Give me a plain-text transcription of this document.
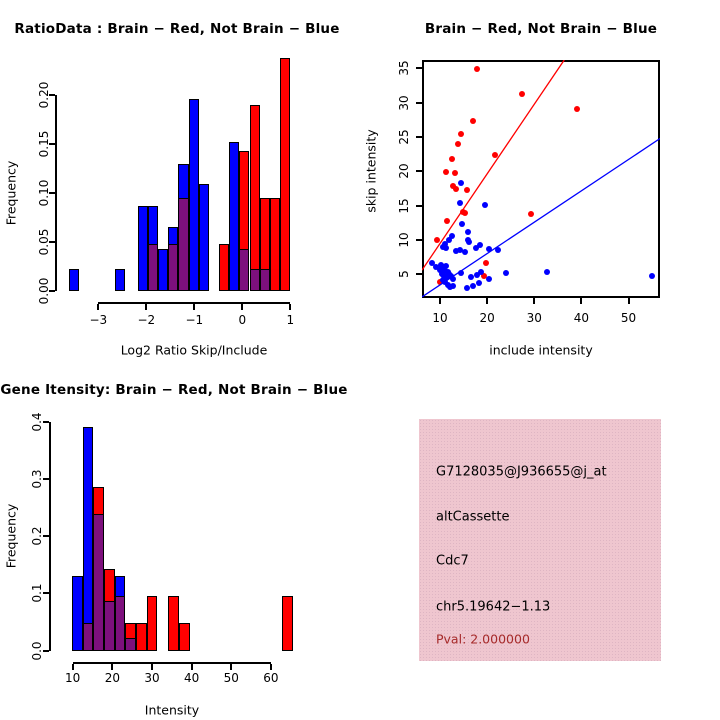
RatioData : Brain − Red, Not Brain − Blue
Log2 Ratio Skip/Include
Frequency
Brain − Red, Not Brain − Blue
include intensity
skip intensity
Gene Itensity: Brain − Red, Not Brain − Blue
Intensity
Frequency
G7128035@J936655@j_at
altCassette
Cdc7
chr5.19642−1.13
Pval: 2.000000
0.00
0.05
0.10
0.15
0.20
−3	−2	−1	0	1	10	20	30	40	50
5
10
15
20
25
30
35
0.0
0.1
0.2
0.3
0.4
10 20 30 40 50 60
